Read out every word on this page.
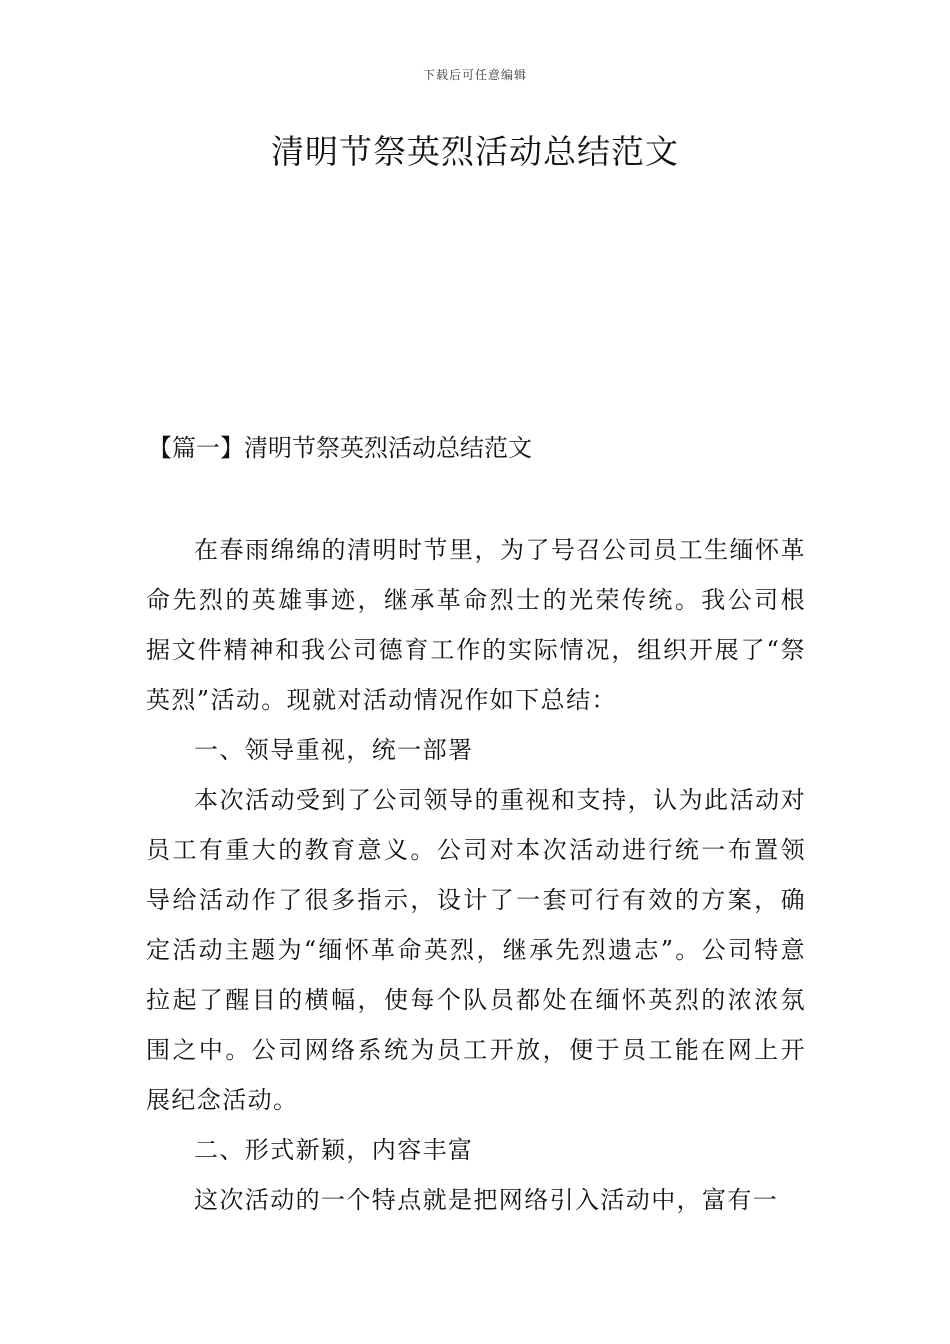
下载后可任意编辑
清明节祭英烈活动总结范文
【篇一】清明节祭英烈活动总结范文

在春雨绵绵的清明时节里，为了号召公司员工生缅怀革命先烈的英雄事迹，继承革命烈士的光荣传统。我公司根据文件精神和我公司德育工作的实际情况，组织开展了“祭英烈”活动。现就对活动情况作如下总结：

一、领导重视，统一部署

本次活动受到了公司领导的重视和支持，认为此活动对员工有重大的教育意义。公司对本次活动进行统一布置领导给活动作了很多指示，设计了一套可行有效的方案，确定活动主题为“缅怀革命英烈，继承先烈遗志”。公司特意拉起了醒目的横幅，使每个队员都处在缅怀英烈的浓浓氛围之中。公司网络系统为员工开放，便于员工能在网上开展纪念活动。

二、形式新颖，内容丰富

这次活动的一个特点就是把网络引入活动中，富有一
